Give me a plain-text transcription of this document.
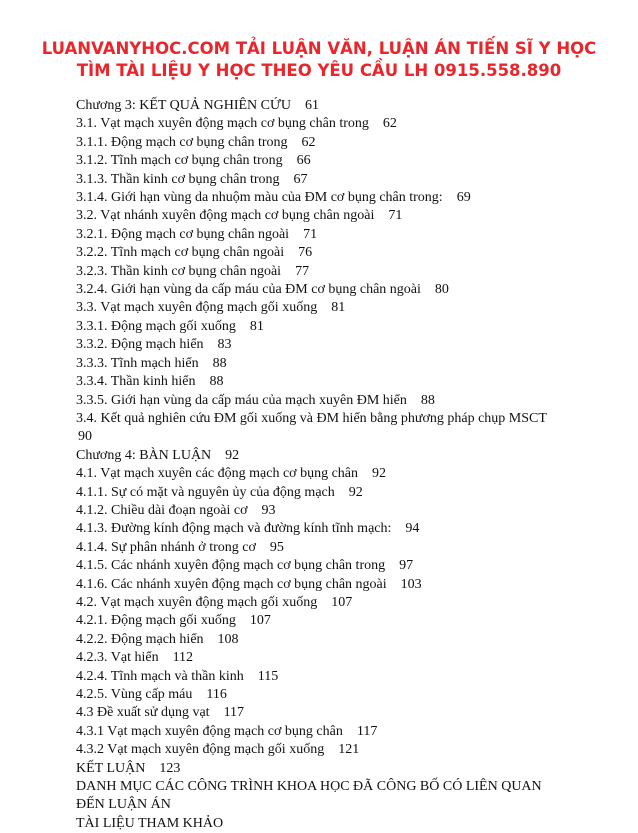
LUANVANYHOC.COM TẢI LUẬN VĂN, LUẬN ÁN TIẾN SĨ Y HỌC
TÌM TÀI LIỆU Y HỌC THEO YÊU CẦU LH 0915.558.890
Chương 3: KẾT QUẢ NGHIÊN CỨU 61
3.1. Vạt mạch xuyên động mạch cơ bụng chân trong 62
3.1.1. Động mạch cơ bụng chân trong 62
3.1.2. Tĩnh mạch cơ bụng chân trong 66
3.1.3. Thần kinh cơ bụng chân trong 67
3.1.4. Giới hạn vùng da nhuộm màu của ĐM cơ bụng chân trong: 69
3.2. Vạt nhánh xuyên động mạch cơ bụng chân ngoài 71
3.2.1. Động mạch cơ bụng chân ngoài 71
3.2.2. Tĩnh mạch cơ bụng chân ngoài 76
3.2.3. Thần kinh cơ bụng chân ngoài 77
3.2.4. Giới hạn vùng da cấp máu của ĐM cơ bụng chân ngoài 80
3.3. Vạt mạch xuyên động mạch gối xuống 81
3.3.1. Động mạch gối xuống 81
3.3.2. Động mạch hiển 83
3.3.3. Tĩnh mạch hiển 88
3.3.4. Thần kinh hiển 88
3.3.5. Giới hạn vùng da cấp máu của mạch xuyên ĐM hiển 88
3.4. Kết quả nghiên cứu ĐM gối xuống và ĐM hiển bằng phương pháp chụp MSCT
90
Chương 4: BÀN LUẬN 92
4.1. Vạt mạch xuyên các động mạch cơ bụng chân 92
4.1.1. Sự có mặt và nguyên ủy của động mạch 92
4.1.2. Chiều dài đoạn ngoài cơ 93
4.1.3. Đường kính động mạch và đường kính tĩnh mạch: 94
4.1.4. Sự phân nhánh ở trong cơ 95
4.1.5. Các nhánh xuyên động mạch cơ bụng chân trong 97
4.1.6. Các nhánh xuyên động mạch cơ bụng chân ngoài 103
4.2. Vạt mạch xuyên động mạch gối xuống 107
4.2.1. Động mạch gối xuống 107
4.2.2. Động mạch hiển 108
4.2.3. Vạt hiển 112
4.2.4. Tĩnh mạch và thần kinh 115
4.2.5. Vùng cấp máu 116
4.3 Đề xuất sử dụng vạt 117
4.3.1 Vạt mạch xuyên động mạch cơ bụng chân 117
4.3.2 Vạt mạch xuyên động mạch gối xuống 121
KẾT LUẬN 123
DANH MỤC CÁC CÔNG TRÌNH KHOA HỌC ĐÃ CÔNG BỐ CÓ LIÊN QUAN ĐẾN LUẬN ÁN
TÀI LIỆU THAM KHẢO
